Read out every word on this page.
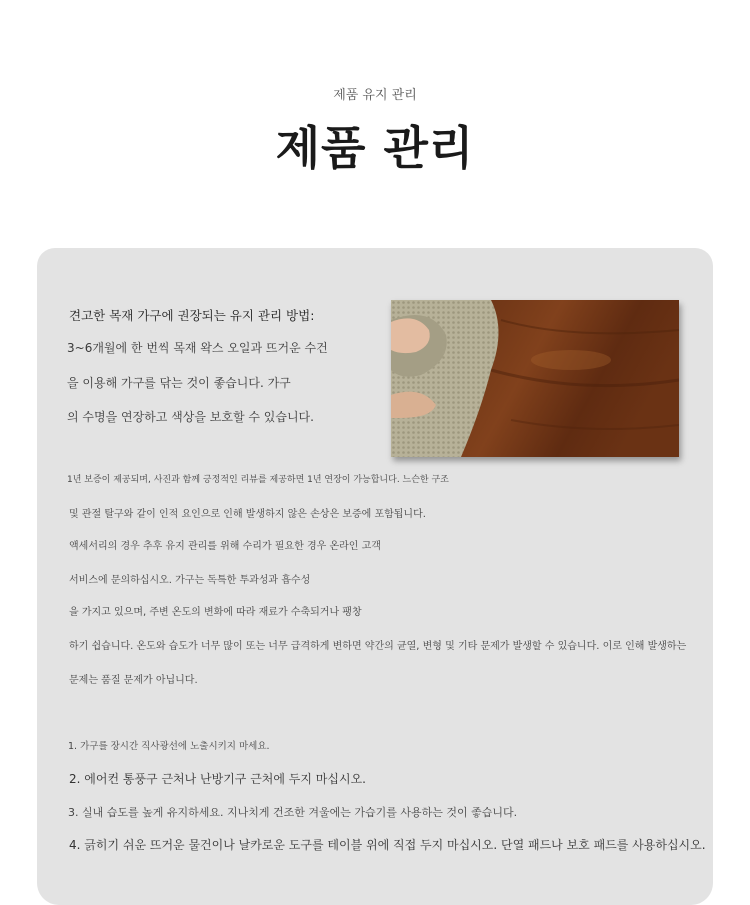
제품 유지 관리
제품 관리
견고한 목재 가구에 권장되는 유지 관리 방법:
3~6개월에 한 번씩 목재 왁스 오일과 뜨거운 수건
을 이용해 가구를 닦는 것이 좋습니다. 가구
의 수명을 연장하고 색상을 보호할 수 있습니다.
1년 보증이 제공되며, 사진과 함께 긍정적인 리뷰를 제공하면 1년 연장이 가능합니다. 느슨한 구조
및 관절 탈구와 같이 인적 요인으로 인해 발생하지 않은 손상은 보증에 포함됩니다.
액세서리의 경우 추후 유지 관리를 위해 수리가 필요한 경우 온라인 고객
서비스에 문의하십시오. 가구는 독특한 투과성과 흡수성
을 가지고 있으며, 주변 온도의 변화에 따라 재료가 수축되거나 팽창
하기 쉽습니다. 온도와 습도가 너무 많이 또는 너무 급격하게 변하면 약간의 균열, 변형 및 기타 문제가 발생할 수 있습니다. 이로 인해 발생하는
문제는 품질 문제가 아닙니다.
1. 가구를 장시간 직사광선에 노출시키지 마세요.
2. 에어컨 통풍구 근처나 난방기구 근처에 두지 마십시오.
3. 실내 습도를 높게 유지하세요. 지나치게 건조한 겨울에는 가습기를 사용하는 것이 좋습니다.
4. 긁히기 쉬운 뜨거운 물건이나 날카로운 도구를 테이블 위에 직접 두지 마십시오. 단열 패드나 보호 패드를 사용하십시오.
